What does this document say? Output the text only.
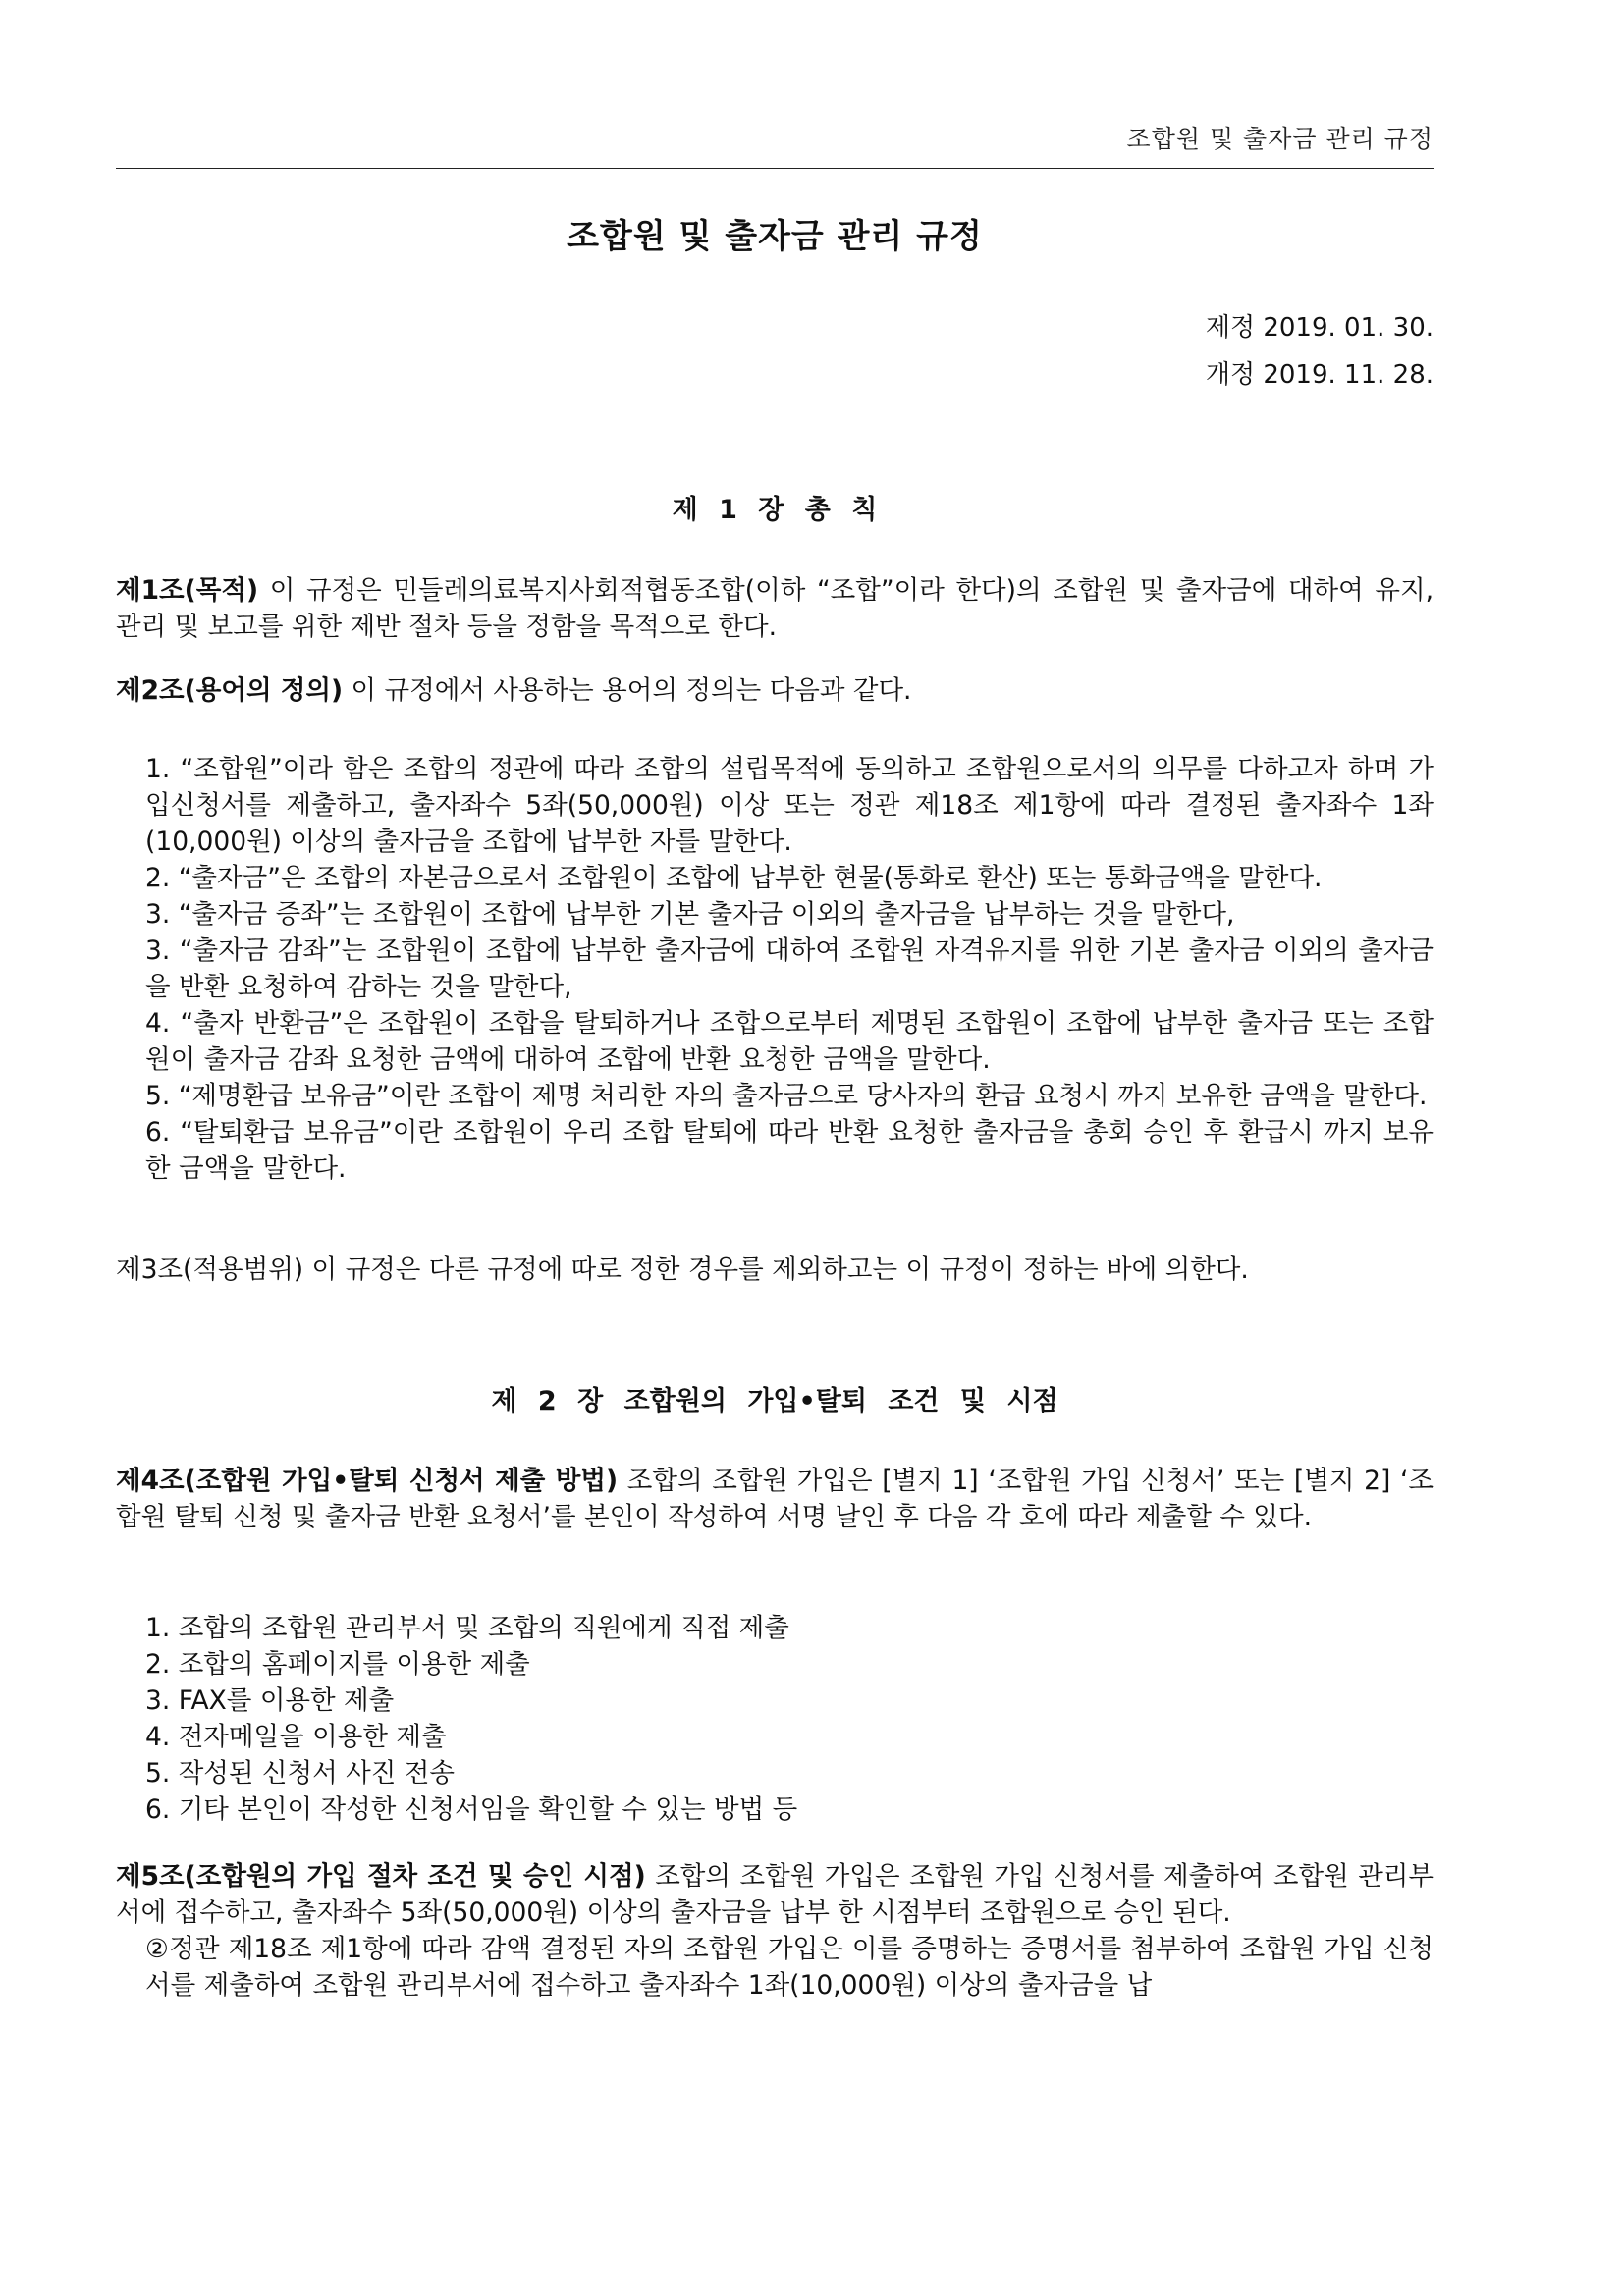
조합원 및 출자금 관리 규정
조합원 및 출자금 관리 규정
제정 2019. 01. 30.
개정 2019. 11. 28.
제 1 장 총 칙
제1조(목적) 이 규정은 민들레의료복지사회적협동조합(이하 “조합”이라 한다)의 조합원 및 출자금에 대하여 유지, 관리 및 보고를 위한 제반 절차 등을 정함을 목적으로 한다.
제2조(용어의 정의) 이 규정에서 사용하는 용어의 정의는 다음과 같다.
1. “조합원”이라 함은 조합의 정관에 따라 조합의 설립목적에 동의하고 조합원으로서의 의무를 다하고자 하며 가입신청서를 제출하고, 출자좌수 5좌(50,000원) 이상 또는 정관 제18조 제1항에 따라 결정된 출자좌수 1좌(10,000원) 이상의 출자금을 조합에 납부한 자를 말한다.
2. “출자금”은 조합의 자본금으로서 조합원이 조합에 납부한 현물(통화로 환산) 또는 통화금액을 말한다.
3. “출자금 증좌”는 조합원이 조합에 납부한 기본 출자금 이외의 출자금을 납부하는 것을 말한다,
3. “출자금 감좌”는 조합원이 조합에 납부한 출자금에 대하여 조합원 자격유지를 위한 기본 출자금 이외의 출자금을 반환 요청하여 감하는 것을 말한다,
4. “출자 반환금”은 조합원이 조합을 탈퇴하거나 조합으로부터 제명된 조합원이 조합에 납부한 출자금 또는 조합원이 출자금 감좌 요청한 금액에 대하여 조합에 반환 요청한 금액을 말한다.
5. “제명환급 보유금”이란 조합이 제명 처리한 자의 출자금으로 당사자의 환급 요청시 까지 보유한 금액을 말한다.
6. “탈퇴환급 보유금”이란 조합원이 우리 조합 탈퇴에 따라 반환 요청한 출자금을 총회 승인 후 환급시 까지 보유한 금액을 말한다.
제3조(적용범위) 이 규정은 다른 규정에 따로 정한 경우를 제외하고는 이 규정이 정하는 바에 의한다.
제 2 장 조합원의 가입•탈퇴 조건 및 시점
제4조(조합원 가입•탈퇴 신청서 제출 방법) 조합의 조합원 가입은 [별지 1] ‘조합원 가입 신청서’ 또는 [별지 2] ‘조합원 탈퇴 신청 및 출자금 반환 요청서’를 본인이 작성하여 서명 날인 후 다음 각 호에 따라 제출할 수 있다.
1. 조합의 조합원 관리부서 및 조합의 직원에게 직접 제출
2. 조합의 홈페이지를 이용한 제출
3. FAX를 이용한 제출
4. 전자메일을 이용한 제출
5. 작성된 신청서 사진 전송
6. 기타 본인이 작성한 신청서임을 확인할 수 있는 방법 등
제5조(조합원의 가입 절차 조건 및 승인 시점) 조합의 조합원 가입은 조합원 가입 신청서를 제출하여 조합원 관리부서에 접수하고, 출자좌수 5좌(50,000원) 이상의 출자금을 납부 한 시점부터 조합원으로 승인 된다.
②정관 제18조 제1항에 따라 감액 결정된 자의 조합원 가입은 이를 증명하는 증명서를 첨부하여 조합원 가입 신청서를 제출하여 조합원 관리부서에 접수하고 출자좌수 1좌(10,000원) 이상의 출자금을 납
